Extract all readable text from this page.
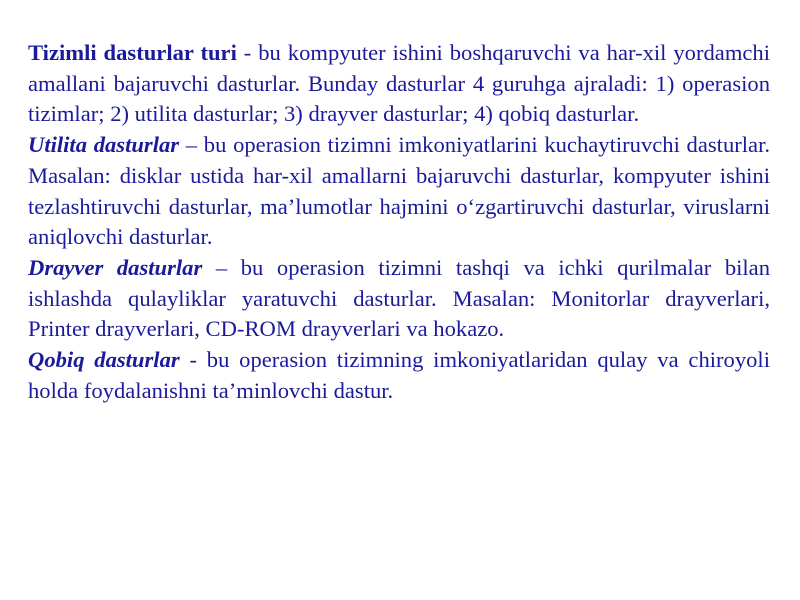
Tizimli dasturlar turi - bu kompyuter ishini boshqaruvchi va har-xil yordamchi amallani bajaruvchi dasturlar. Bunday dasturlar 4 guruhga ajraladi: 1) operasion tizimlar; 2) utilita dasturlar; 3) drayver dasturlar; 4) qobiq dasturlar.

Utilita dasturlar – bu operasion tizimni imkoniyatlarini kuchaytiruvchi dasturlar. Masalan: disklar ustida har-xil amallarni bajaruvchi dasturlar, kompyuter ishini tezlashtiruvchi dasturlar, ma’lumotlar hajmini o‘zgartiruvchi dasturlar, viruslarni aniqlovchi dasturlar.

Drayver dasturlar – bu operasion tizimni tashqi va ichki qurilmalar bilan ishlashda qulayliklar yaratuvchi dasturlar. Masalan: Monitorlar drayverlari, Printer drayverlari, CD-ROM drayverlari va hokazo.

Qobiq dasturlar - bu operasion tizimning imkoniyatlaridan qulay va chiroyoli holda foydalanishni ta’minlovchi dastur.
